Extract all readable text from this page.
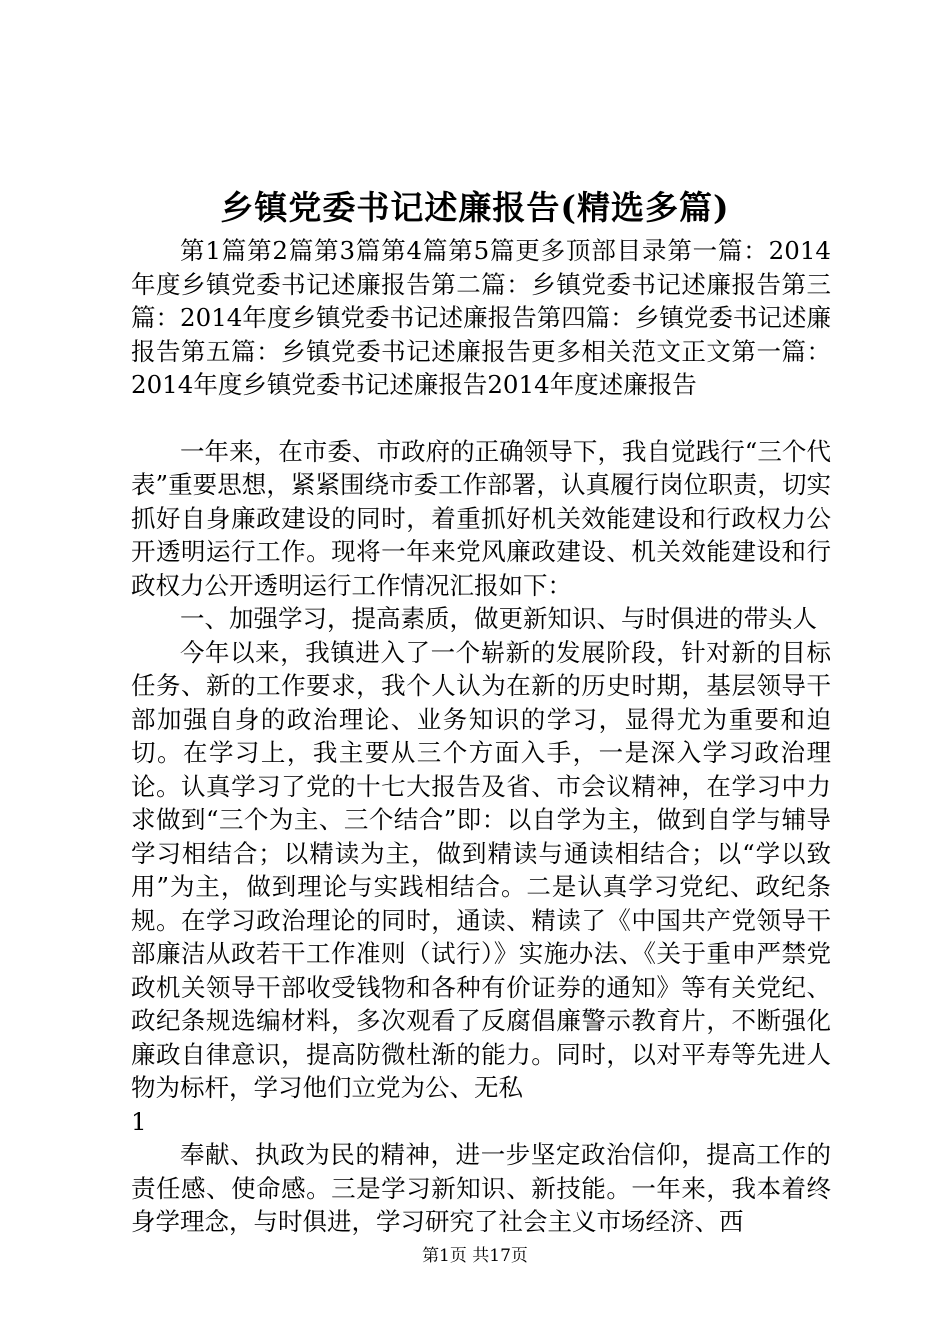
乡镇党委书记述廉报告(精选多篇)

第1篇第2篇第3篇第4篇第5篇更多顶部目录第一篇：2014年度乡镇党委书记述廉报告第二篇：乡镇党委书记述廉报告第三篇：2014年度乡镇党委书记述廉报告第四篇：乡镇党委书记述廉报告第五篇：乡镇党委书记述廉报告更多相关范文正文第一篇：2014年度乡镇党委书记述廉报告2014年度述廉报告

一年来，在市委、市政府的正确领导下，我自觉践行“三个代表”重要思想，紧紧围绕市委工作部署，认真履行岗位职责，切实抓好自身廉政建设的同时，着重抓好机关效能建设和行政权力公开透明运行工作。现将一年来党风廉政建设、机关效能建设和行政权力公开透明运行工作情况汇报如下：

一、加强学习，提高素质，做更新知识、与时俱进的带头人

今年以来，我镇进入了一个崭新的发展阶段，针对新的目标任务、新的工作要求，我个人认为在新的历史时期，基层领导干部加强自身的政治理论、业务知识的学习，显得尤为重要和迫切。在学习上，我主要从三个方面入手，一是深入学习政治理论。认真学习了党的十七大报告及省、市会议精神，在学习中力求做到“三个为主、三个结合”即：以自学为主，做到自学与辅导学习相结合；以精读为主，做到精读与通读相结合；以“学以致用”为主，做到理论与实践相结合。二是认真学习党纪、政纪条规。在学习政治理论的同时，通读、精读了《中国共产党领导干部廉洁从政若干工作准则（试行）》实施办法、《关于重申严禁党政机关领导干部收受钱物和各种有价证券的通知》等有关党纪、政纪条规选编材料，多次观看了反腐倡廉警示教育片，不断强化廉政自律意识，提高防微杜渐的能力。同时，以对平寿等先进人物为标杆，学习他们立党为公、无私

1

奉献、执政为民的精神，进一步坚定政治信仰，提高工作的责任感、使命感。三是学习新知识、新技能。一年来，我本着终身学理念，与时俱进，学习研究了社会主义市场经济、西

第1页 共17页
